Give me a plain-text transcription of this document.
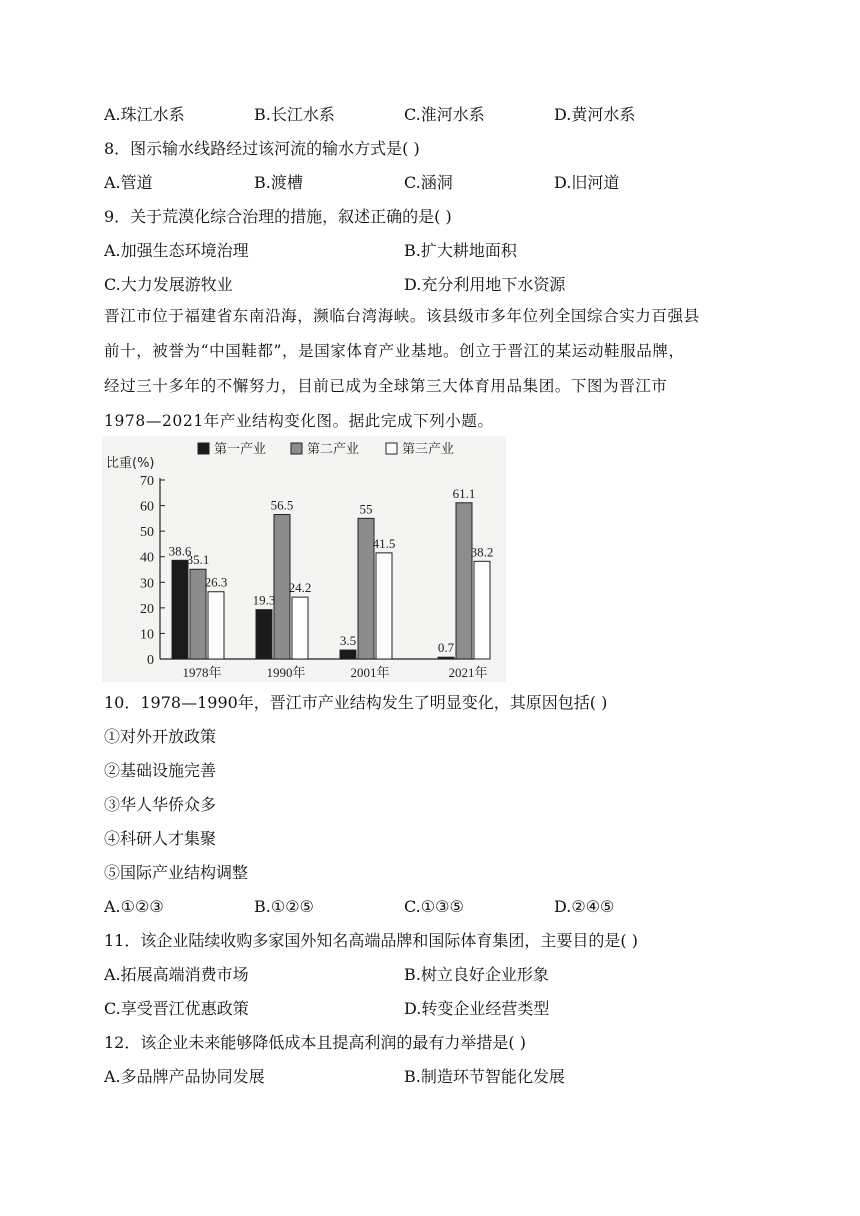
A.珠江水系	B.长江水系	C.淮河水系	D.黄河水系
8．图示输水线路经过该河流的输水方式是( )
A.管道	B.渡槽	C.涵洞	D.旧河道
9．关于荒漠化综合治理的措施，叙述正确的是( )
A.加强生态环境治理	B.扩大耕地面积
C.大力发展游牧业	D.充分利用地下水资源
晋江市位于福建省东南沿海，濒临台湾海峡。该县级市多年位列全国综合实力百强县
前十，被誉为“中国鞋都”，是国家体育产业基地。创立于晋江的某运动鞋服品牌，
经过三十多年的不懈努力，目前已成为全球第三大体育用品集团。下图为晋江市
1978—2021年产业结构变化图。据此完成下列小题。
0
10
20
30
40
50
60
70
比重(%)
38.6
35.1
26.3
1978年
19.3
56.5
24.2
1990年
3.5
55
41.5
2001年
0.7
61.1
38.2
2021年
第一产业	第二产业	第三产业
10．1978—1990年，晋江市产业结构发生了明显变化，其原因包括( )
①对外开放政策
②基础设施完善
③华人华侨众多
④科研人才集聚
⑤国际产业结构调整
A.①②③	B.①②⑤	C.①③⑤	D.②④⑤
11．该企业陆续收购多家国外知名高端品牌和国际体育集团，主要目的是( )
A.拓展高端消费市场	B.树立良好企业形象
C.享受晋江优惠政策	D.转变企业经营类型
12．该企业未来能够降低成本且提高利润的最有力举措是( )
A.多品牌产品协同发展	B.制造环节智能化发展
